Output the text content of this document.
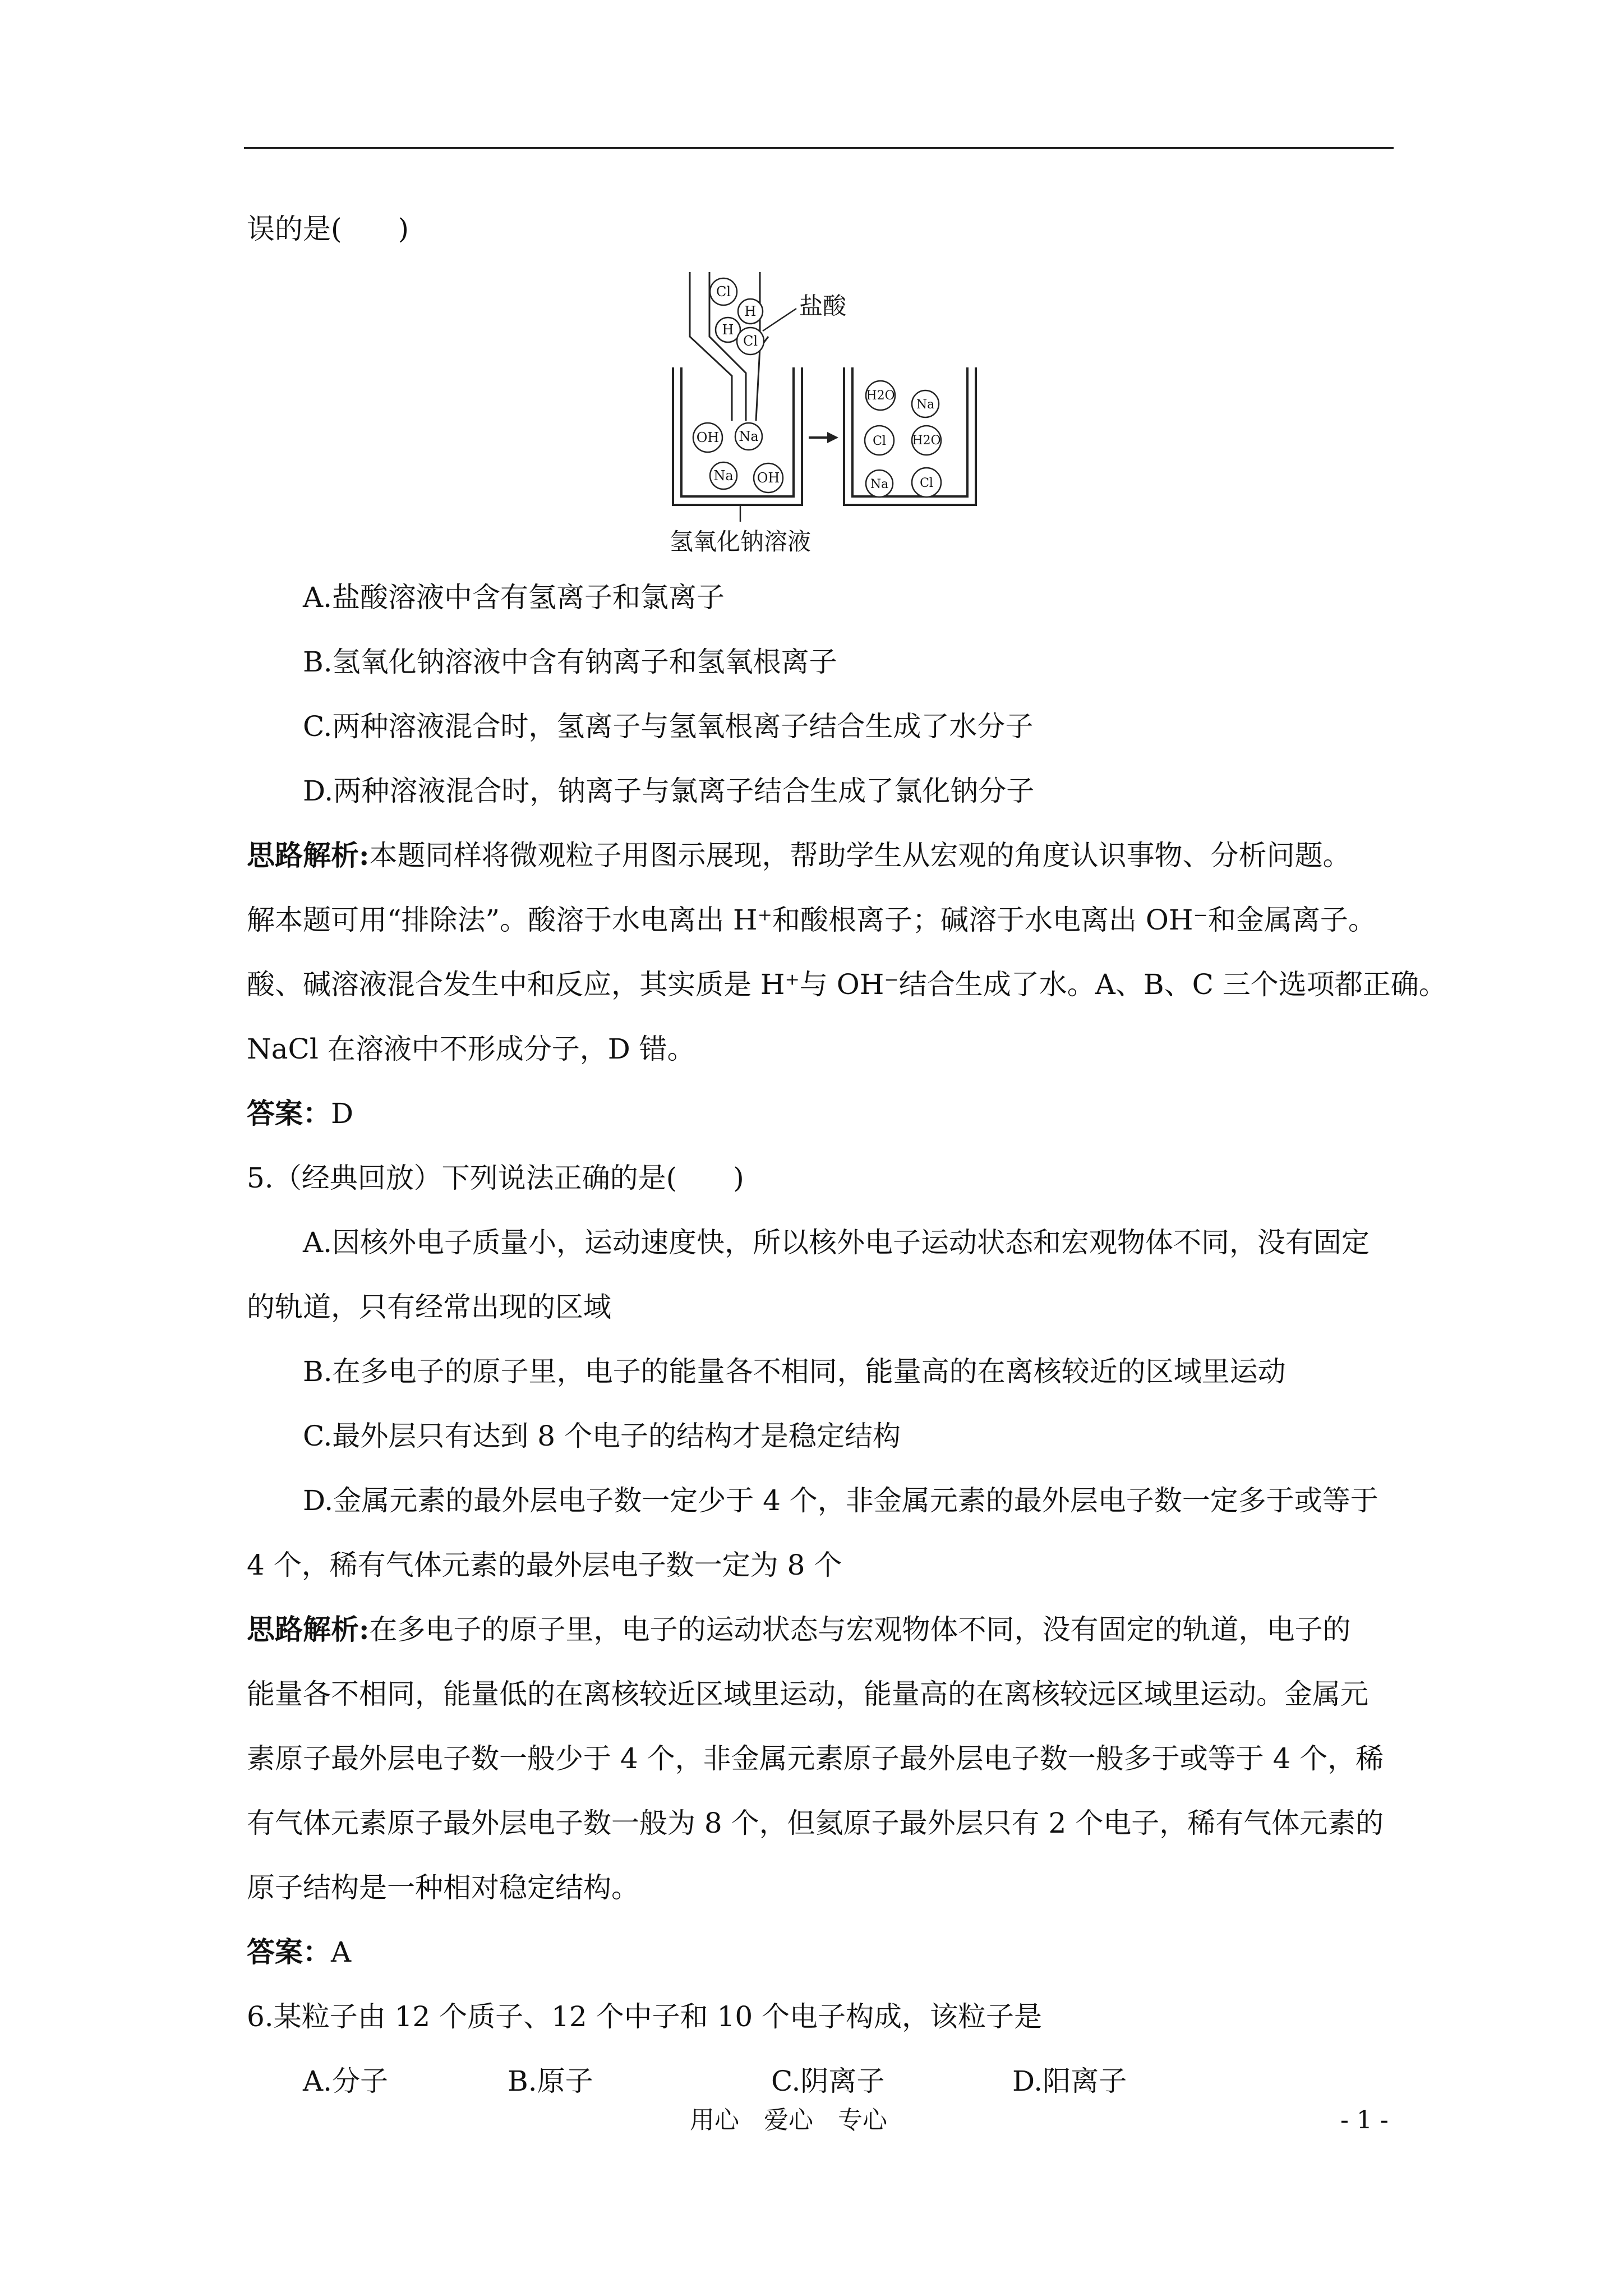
误的是(　　)
Cl
H
H
Cl
盐酸
OH Na
Na OH
H2O
Na
Cl H2O
Na	Cl
氢氧化钠溶液
A.盐酸溶液中含有氢离子和氯离子
B.氢氧化钠溶液中含有钠离子和氢氧根离子
C.两种溶液混合时，氢离子与氢氧根离子结合生成了水分子
D.两种溶液混合时，钠离子与氯离子结合生成了氯化钠分子
思路解析:本题同样将微观粒子用图示展现，帮助学生从宏观的角度认识事物、分析问题。
解本题可用“排除法”。酸溶于水电离出 H⁺和酸根离子；碱溶于水电离出 OH⁻和金属离子。
酸、碱溶液混合发生中和反应，其实质是 H⁺与 OH⁻结合生成了水。A、B、C 三个选项都正确。
NaCl 在溶液中不形成分子，D 错。
答案：D
5.（经典回放）下列说法正确的是(　　)
A.因核外电子质量小，运动速度快，所以核外电子运动状态和宏观物体不同，没有固定
的轨道，只有经常出现的区域
B.在多电子的原子里，电子的能量各不相同，能量高的在离核较近的区域里运动
C.最外层只有达到 8 个电子的结构才是稳定结构
D.金属元素的最外层电子数一定少于 4 个，非金属元素的最外层电子数一定多于或等于
4 个，稀有气体元素的最外层电子数一定为 8 个
思路解析:在多电子的原子里，电子的运动状态与宏观物体不同，没有固定的轨道，电子的
能量各不相同，能量低的在离核较近区域里运动，能量高的在离核较远区域里运动。金属元
素原子最外层电子数一般少于 4 个，非金属元素原子最外层电子数一般多于或等于 4 个，稀
有气体元素原子最外层电子数一般为 8 个，但氦原子最外层只有 2 个电子，稀有气体元素的
原子结构是一种相对稳定结构。
答案：A
6.某粒子由 12 个质子、12 个中子和 10 个电子构成，该粒子是
A.分子	B.原子	C.阴离子	D.阳离子
用心　爱心　专心	- 1 -
